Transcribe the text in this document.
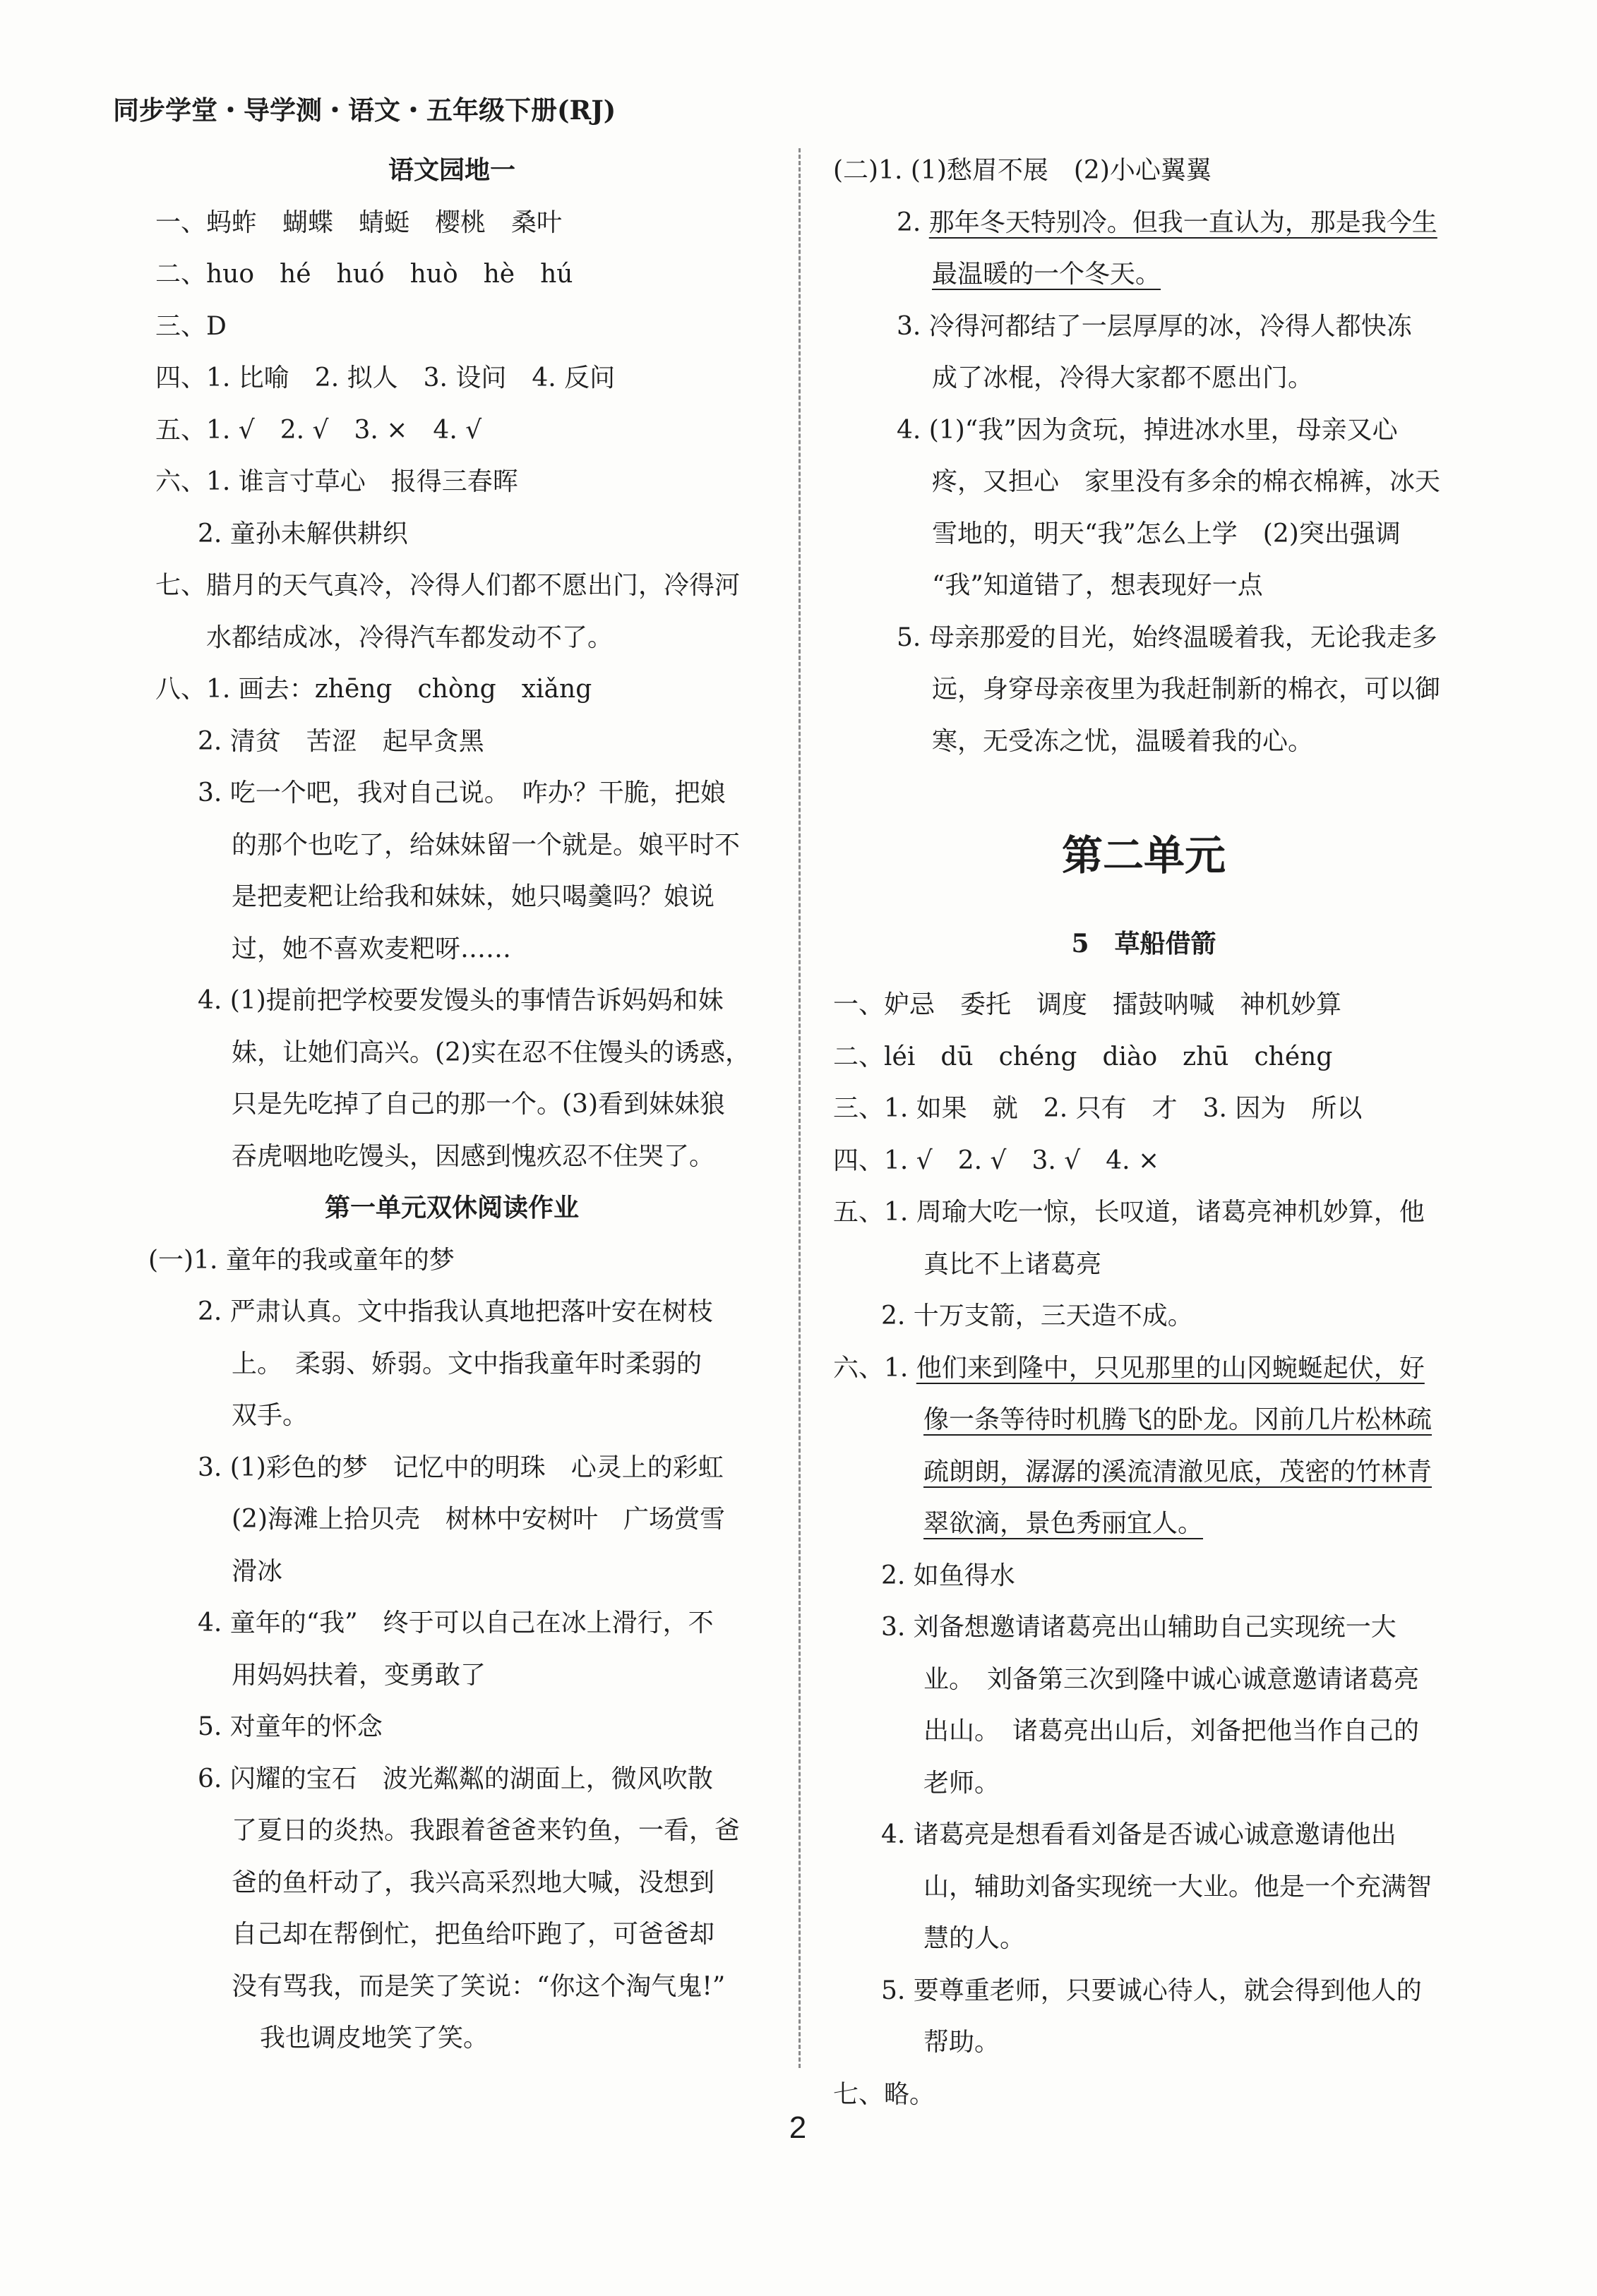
同步学堂・导学测・语文・五年级下册(RJ)
语文园地一
一、蚂蚱　蝴蝶　蜻蜓　樱桃　桑叶
二、huo　hé　huó　huò　hè　hú
三、D
四、1. 比喻　2. 拟人　3. 设问　4. 反问
五、1. √　2. √　3. ×　4. √
六、1. 谁言寸草心　报得三春晖
2. 童孙未解供耕织
七、腊月的天气真冷，冷得人们都不愿出门，冷得河
水都结成冰，冷得汽车都发动不了。
八、1. 画去：zhēng　chòng　xiǎng
2. 清贫　苦涩　起早贪黑
3. 吃一个吧，我对自己说。　咋办？干脆，把娘
的那个也吃了，给妹妹留一个就是。娘平时不
是把麦粑让给我和妹妹，她只喝羹吗？娘说
过，她不喜欢麦粑呀……
4. (1)提前把学校要发馒头的事情告诉妈妈和妹
妹，让她们高兴。(2)实在忍不住馒头的诱惑，
只是先吃掉了自己的那一个。(3)看到妹妹狼
吞虎咽地吃馒头，因感到愧疚忍不住哭了。
第一单元双休阅读作业
(一)1. 童年的我或童年的梦
2. 严肃认真。文中指我认真地把落叶安在树枝
上。　柔弱、娇弱。文中指我童年时柔弱的
双手。
3. (1)彩色的梦　记忆中的明珠　心灵上的彩虹
(2)海滩上拾贝壳　树林中安树叶　广场赏雪
滑冰
4. 童年的“我”　终于可以自己在冰上滑行，不
用妈妈扶着，变勇敢了
5. 对童年的怀念
6. 闪耀的宝石　波光粼粼的湖面上，微风吹散
了夏日的炎热。我跟着爸爸来钓鱼，一看，爸
爸的鱼杆动了，我兴高采烈地大喊，没想到
自己却在帮倒忙，把鱼给吓跑了，可爸爸却
没有骂我，而是笑了笑说：“你这个淘气鬼!”
我也调皮地笑了笑。
(二)1. (1)愁眉不展　(2)小心翼翼
2. 那年冬天特别冷。但我一直认为，那是我今生
最温暖的一个冬天。
3. 冷得河都结了一层厚厚的冰，冷得人都快冻
成了冰棍，冷得大家都不愿出门。
4. (1)“我”因为贪玩，掉进冰水里，母亲又心
疼，又担心　家里没有多余的棉衣棉裤，冰天
雪地的，明天“我”怎么上学　(2)突出强调
“我”知道错了，想表现好一点
5. 母亲那爱的目光，始终温暖着我，无论我走多
远，身穿母亲夜里为我赶制新的棉衣，可以御
寒，无受冻之忧，温暖着我的心。
第二单元
5　草船借箭
一、妒忌　委托　调度　擂鼓呐喊　神机妙算
二、léi　dū　chéng　diào　zhū　chéng
三、1. 如果　就　2. 只有　才　3. 因为　所以
四、1. √　2. √　3. √　4. ×
五、1. 周瑜大吃一惊，长叹道，诸葛亮神机妙算，他
真比不上诸葛亮
2. 十万支箭，三天造不成。
六、1. 他们来到隆中，只见那里的山冈蜿蜒起伏，好
像一条等待时机腾飞的卧龙。冈前几片松林疏
疏朗朗，潺潺的溪流清澈见底，茂密的竹林青
翠欲滴，景色秀丽宜人。
2. 如鱼得水
3. 刘备想邀请诸葛亮出山辅助自己实现统一大
业。　刘备第三次到隆中诚心诚意邀请诸葛亮
出山。　诸葛亮出山后，刘备把他当作自己的
老师。
4. 诸葛亮是想看看刘备是否诚心诚意邀请他出
山，辅助刘备实现统一大业。他是一个充满智
慧的人。
5. 要尊重老师，只要诚心待人，就会得到他人的
帮助。
七、略。
2
